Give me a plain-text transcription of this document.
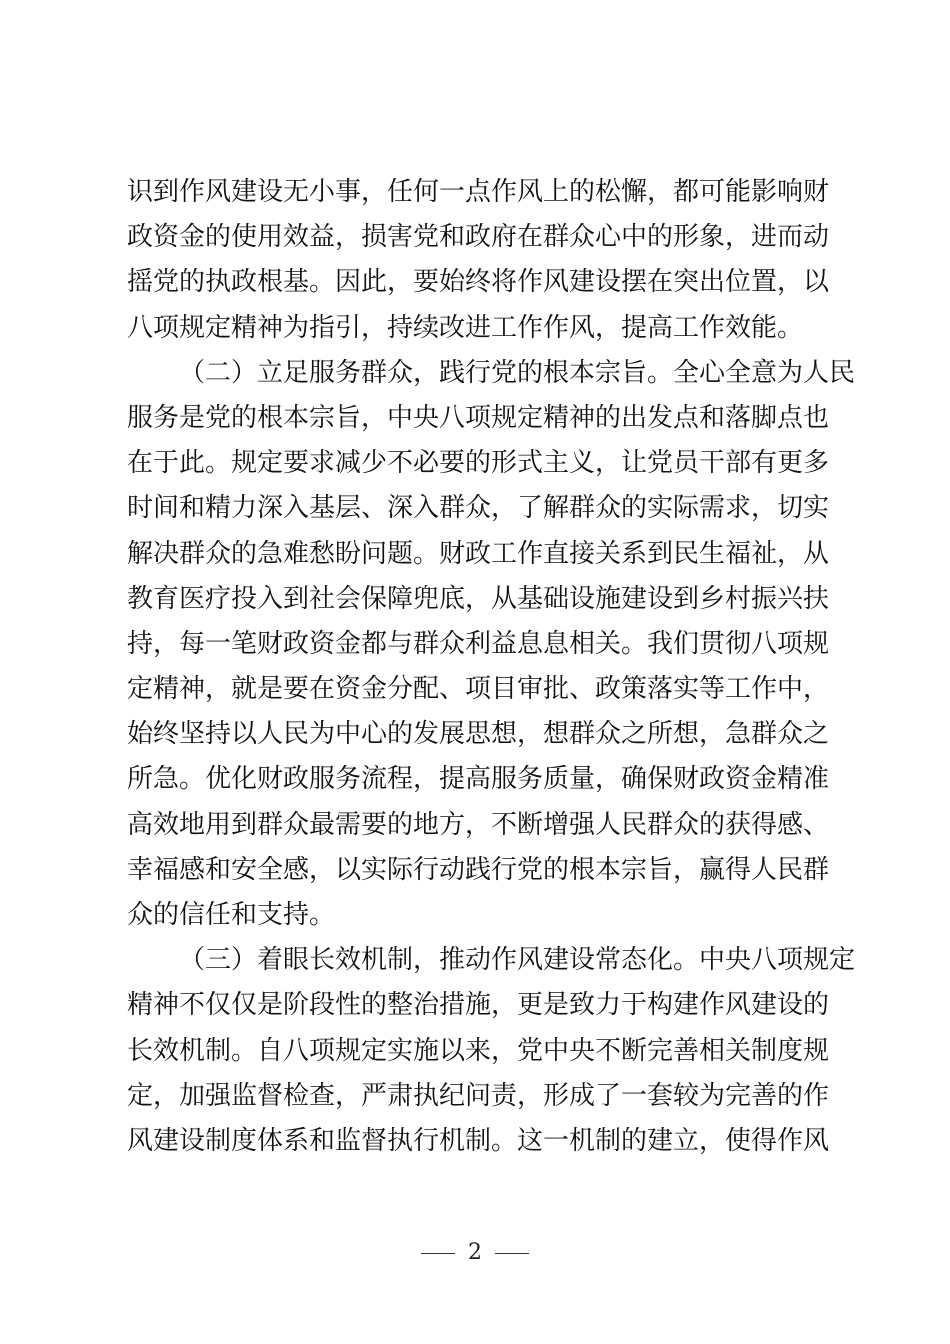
识到作风建设无小事，任何一点作风上的松懈，都可能影响财
政资金的使用效益，损害党和政府在群众心中的形象，进而动
摇党的执政根基。因此，要始终将作风建设摆在突出位置，以
八项规定精神为指引，持续改进工作作风，提高工作效能。
（二）立足服务群众，践行党的根本宗旨。全心全意为人民
服务是党的根本宗旨，中央八项规定精神的出发点和落脚点也
在于此。规定要求减少不必要的形式主义，让党员干部有更多
时间和精力深入基层、深入群众，了解群众的实际需求，切实
解决群众的急难愁盼问题。财政工作直接关系到民生福祉，从
教育医疗投入到社会保障兜底，从基础设施建设到乡村振兴扶
持，每一笔财政资金都与群众利益息息相关。我们贯彻八项规
定精神，就是要在资金分配、项目审批、政策落实等工作中，
始终坚持以人民为中心的发展思想，想群众之所想，急群众之
所急。优化财政服务流程，提高服务质量，确保财政资金精准
高效地用到群众最需要的地方，不断增强人民群众的获得感、
幸福感和安全感，以实际行动践行党的根本宗旨，赢得人民群
众的信任和支持。
（三）着眼长效机制，推动作风建设常态化。中央八项规定
精神不仅仅是阶段性的整治措施，更是致力于构建作风建设的
长效机制。自八项规定实施以来，党中央不断完善相关制度规
定，加强监督检查，严肃执纪问责，形成了一套较为完善的作
风建设制度体系和监督执行机制。这一机制的建立，使得作风
2
